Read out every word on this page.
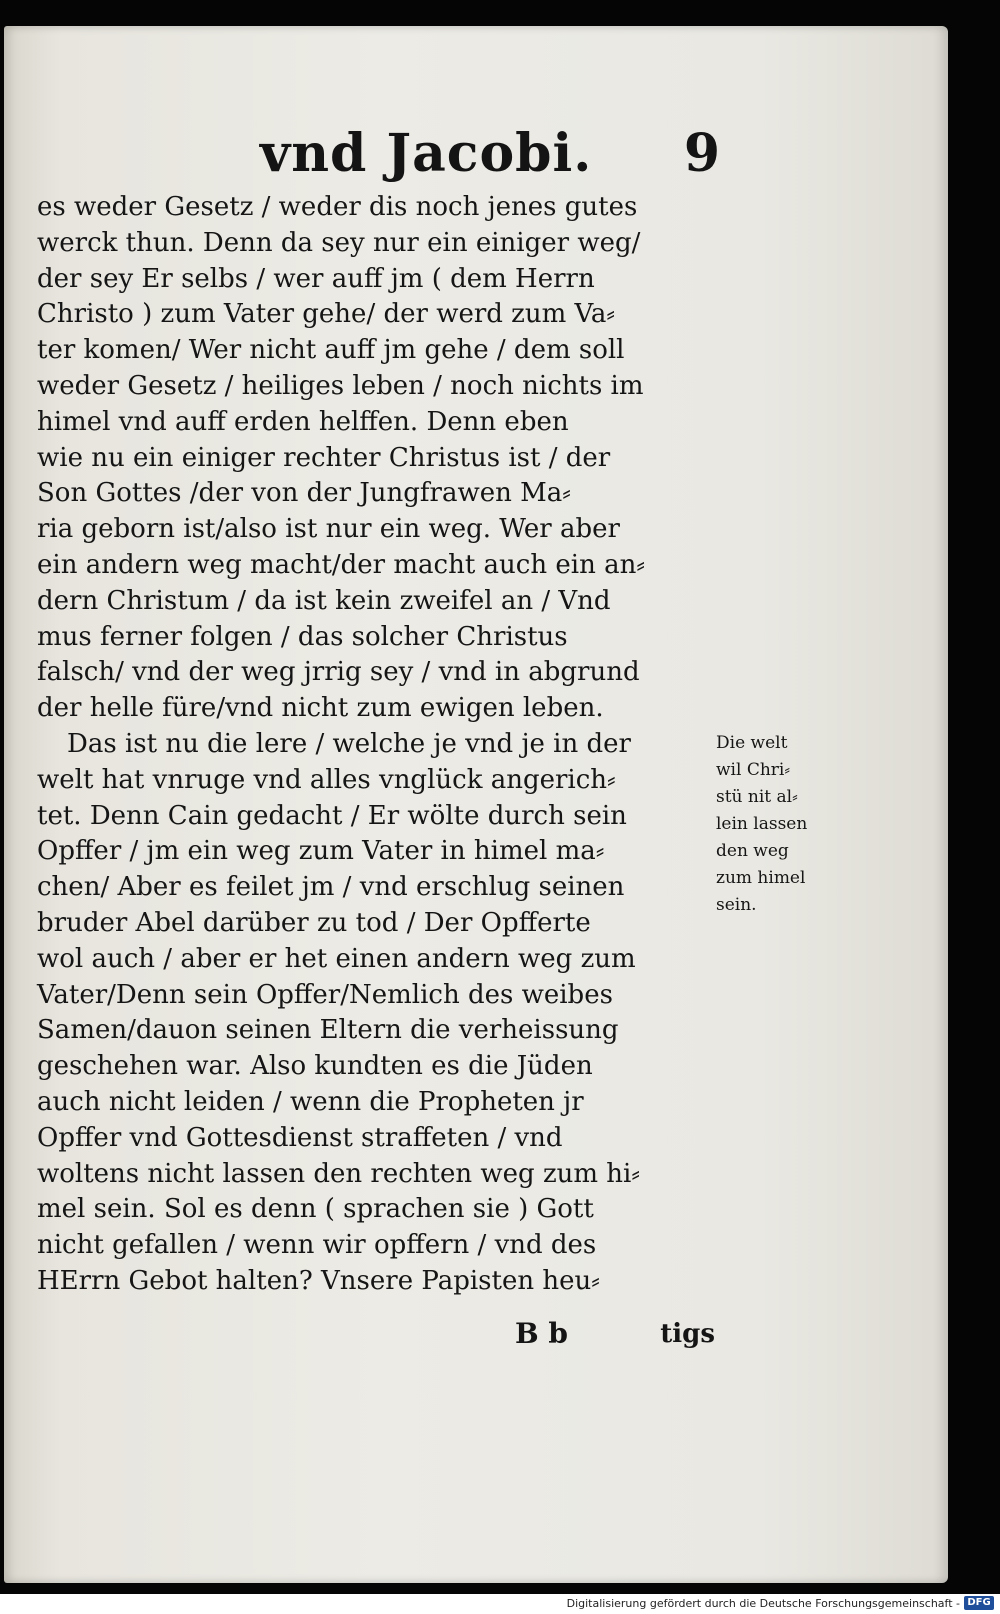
vnd Jacobi. 9
es weder Gesetz / weder dis noch jenes gutes
werck thun. Denn da sey nur ein einiger weg/
der sey Er selbs / wer auff jm ( dem Herrn
Christo ) zum Vater gehe/ der werd zum Va⸗
ter komen/ Wer nicht auff jm gehe / dem soll
weder Gesetz / heiliges leben / noch nichts im
himel vnd auff erden helffen. Denn eben
wie nu ein einiger rechter Christus ist / der
Son Gottes /der von der Jungfrawen Ma⸗
ria geborn ist/also ist nur ein weg. Wer aber
ein andern weg macht/der macht auch ein an⸗
dern Christum / da ist kein zweifel an / Vnd
mus ferner folgen / das solcher Christus
falsch/ vnd der weg jrrig sey / vnd in abgrund
der helle füre/vnd nicht zum ewigen leben.
Das ist nu die lere / welche je vnd je in der
welt hat vnruge vnd alles vnglück angerich⸗
tet. Denn Cain gedacht / Er wölte durch sein
Opffer / jm ein weg zum Vater in himel ma⸗
chen/ Aber es feilet jm / vnd erschlug seinen
bruder Abel darüber zu tod / Der Opfferte
wol auch / aber er het einen andern weg zum
Vater/Denn sein Opffer/Nemlich des weibes
Samen/dauon seinen Eltern die verheissung
geschehen war. Also kundten es die Jüden
auch nicht leiden / wenn die Propheten jr
Opffer vnd Gottesdienst straffeten / vnd
woltens nicht lassen den rechten weg zum hi⸗
mel sein. Sol es denn ( sprachen sie ) Gott
nicht gefallen / wenn wir opffern / vnd des
HErrn Gebot halten? Vnsere Papisten heu⸗
Die welt
wil Chri⸗
stü nit al⸗
lein lassen
den weg
zum himel
sein.
B b	tigs
Digitalisierung gefördert durch die Deutsche Forschungsgemeinschaft - DFG
